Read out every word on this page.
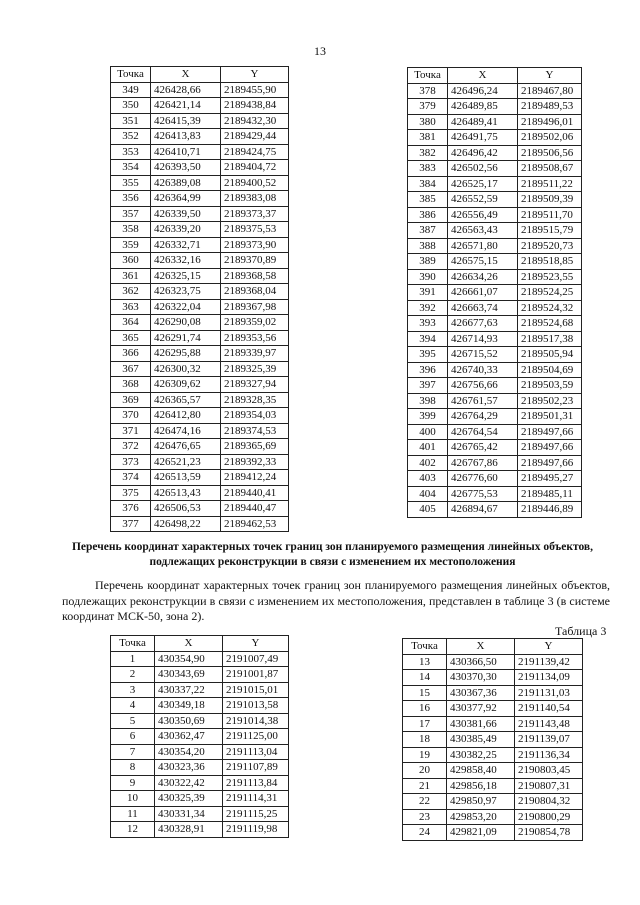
13
Точка	X	Y
349	426428,66	2189455,90
350	426421,14	2189438,84
351	426415,39	2189432,30
352	426413,83	2189429,44
353	426410,71	2189424,75
354	426393,50	2189404,72
355	426389,08	2189400,52
356	426364,99	2189383,08
357	426339,50	2189373,37
358	426339,20	2189375,53
359	426332,71	2189373,90
360	426332,16	2189370,89
361	426325,15	2189368,58
362	426323,75	2189368,04
363	426322,04	2189367,98
364	426290,08	2189359,02
365	426291,74	2189353,56
366	426295,88	2189339,97
367	426300,32	2189325,39
368	426309,62	2189327,94
369	426365,57	2189328,35
370	426412,80	2189354,03
371	426474,16	2189374,53
372	426476,65	2189365,69
373	426521,23	2189392,33
374	426513,59	2189412,24
375	426513,43	2189440,41
376	426506,53	2189440,47
377	426498,22	2189462,53
Точка	X	Y
378	426496,24	2189467,80
379	426489,85	2189489,53
380	426489,41	2189496,01
381	426491,75	2189502,06
382	426496,42	2189506,56
383	426502,56	2189508,67
384	426525,17	2189511,22
385	426552,59	2189509,39
386	426556,49	2189511,70
387	426563,43	2189515,79
388	426571,80	2189520,73
389	426575,15	2189518,85
390	426634,26	2189523,55
391	426661,07	2189524,25
392	426663,74	2189524,32
393	426677,63	2189524,68
394	426714,93	2189517,38
395	426715,52	2189505,94
396	426740,33	2189504,69
397	426756,66	2189503,59
398	426761,57	2189502,23
399	426764,29	2189501,31
400	426764,54	2189497,66
401	426765,42	2189497,66
402	426767,86	2189497,66
403	426776,60	2189495,27
404	426775,53	2189485,11
405	426894,67	2189446,89
Перечень координат характерных точек границ зон планируемого размещения линейных объектов, подлежащих реконструкции в связи с изменением их местоположения
Перечень координат характерных точек границ зон планируемого размещения линейных объектов, подлежащих реконструкции в связи с изменением их местоположения, представлен в таблице 3 (в системе координат МСК-50, зона 2).
Таблица 3
Точка	X	Y
1	430354,90	2191007,49
2	430343,69	2191001,87
3	430337,22	2191015,01
4	430349,18	2191013,58
5	430350,69	2191014,38
6	430362,47	2191125,00
7	430354,20	2191113,04
8	430323,36	2191107,89
9	430322,42	2191113,84
10	430325,39	2191114,31
11	430331,34	2191115,25
12	430328,91	2191119,98
Точка	X	Y
13	430366,50	2191139,42
14	430370,30	2191134,09
15	430367,36	2191131,03
16	430377,92	2191140,54
17	430381,66	2191143,48
18	430385,49	2191139,07
19	430382,25	2191136,34
20	429858,40	2190803,45
21	429856,18	2190807,31
22	429850,97	2190804,32
23	429853,20	2190800,29
24	429821,09	2190854,78
